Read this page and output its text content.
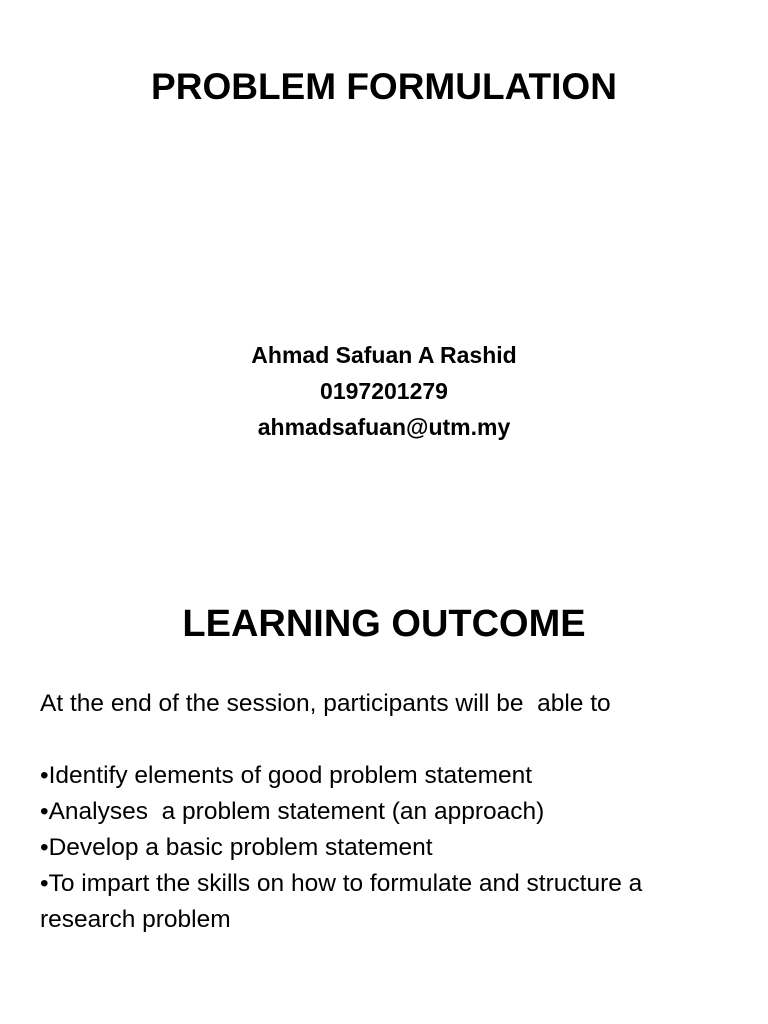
PROBLEM FORMULATION
Ahmad Safuan A Rashid
0197201279
ahmadsafuan@utm.my
LEARNING OUTCOME
At the end of the session, participants will be  able to
•Identify elements of good problem statement
•Analyses  a problem statement (an approach)
•Develop a basic problem statement
•To impart the skills on how to formulate and structure a research problem
